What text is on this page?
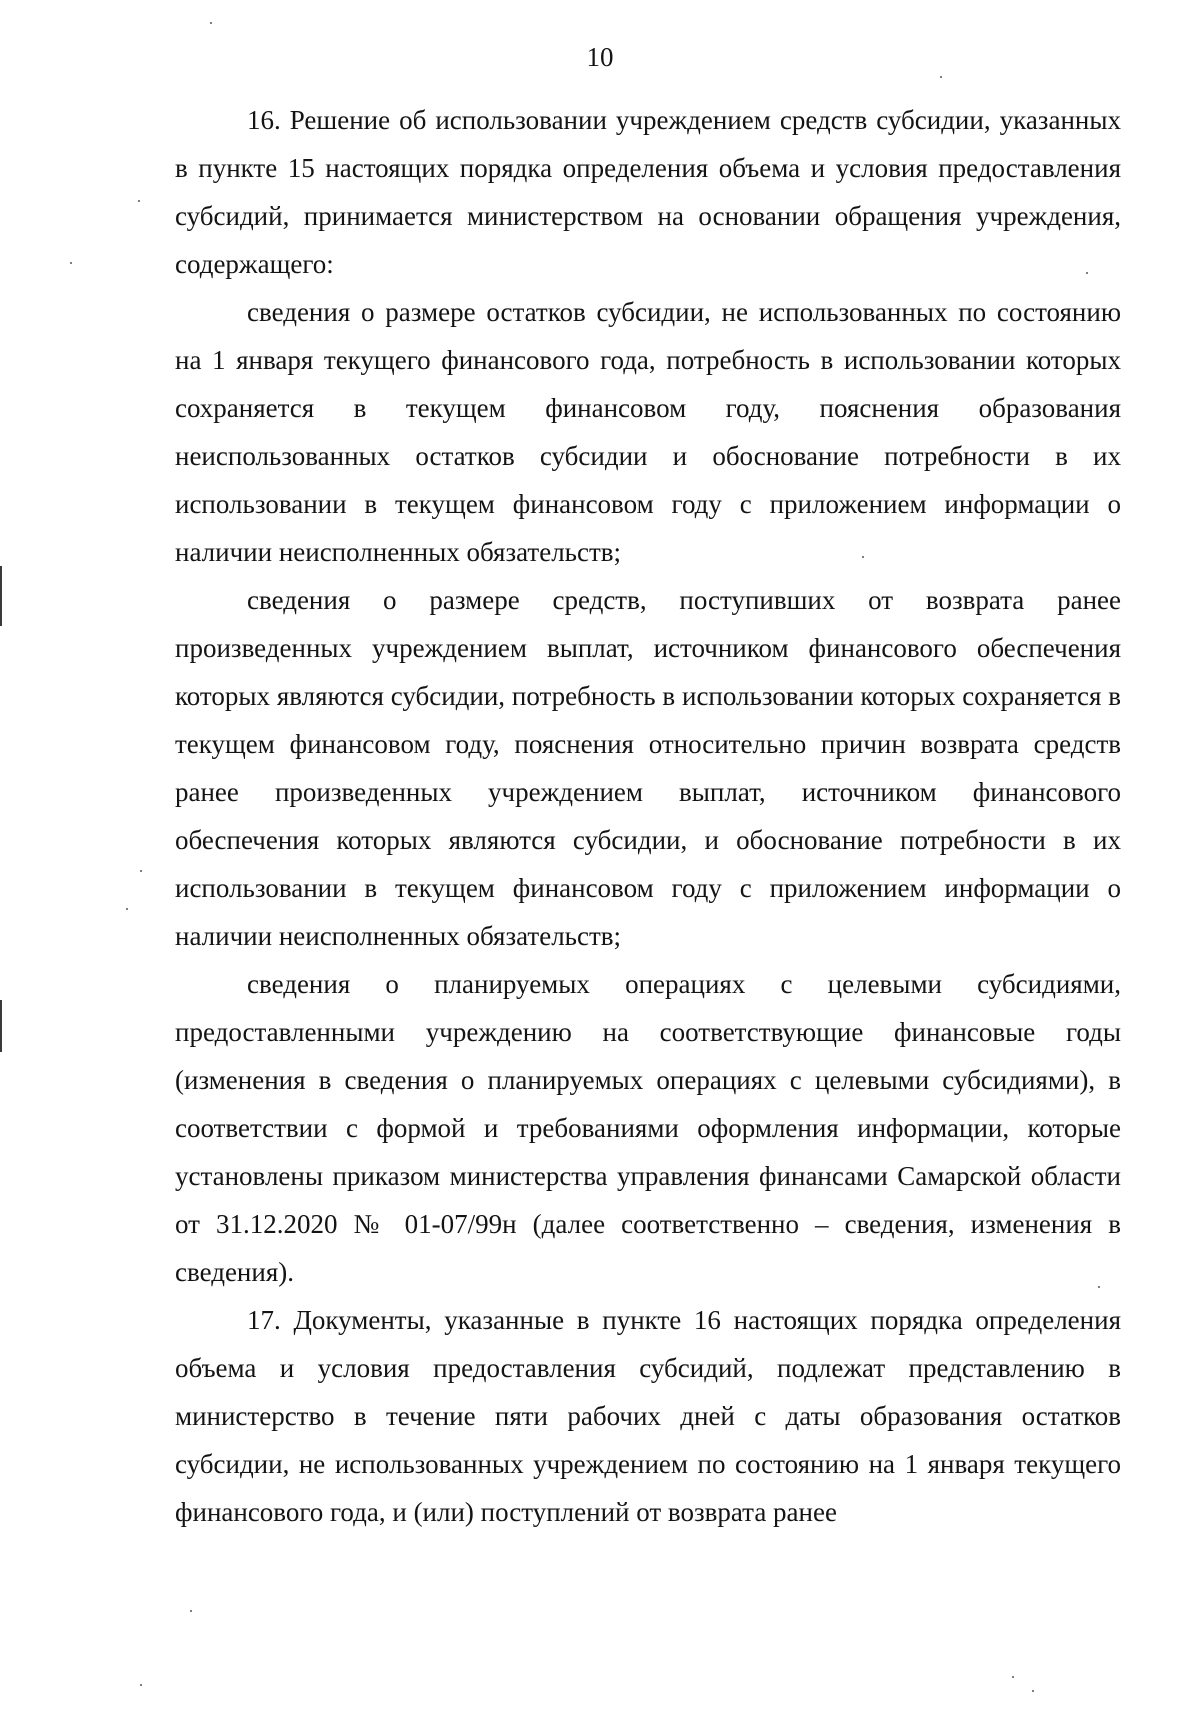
10

16. Решение об использовании учреждением средств субсидии, указанных в пункте 15 настоящих порядка определения объема и условия предоставления субсидий, принимается министерством на основании обращения учреждения, содержащего:

сведения о размере остатков субсидии, не использованных по состоянию на 1 января текущего финансового года, потребность в использовании которых сохраняется в текущем финансовом году, пояснения образования неиспользованных остатков субсидии и обоснование потребности в их использовании в текущем финансовом году с приложением информации о наличии неисполненных обязательств;

сведения о размере средств, поступивших от возврата ранее произведенных учреждением выплат, источником финансового обеспечения которых являются субсидии, потребность в использовании которых сохраняется в текущем финансовом году, пояснения относительно причин возврата средств ранее произведенных учреждением выплат, источником финансового обеспечения которых являются субсидии, и обоснование потребности в их использовании в текущем финансовом году с приложением информации о наличии неисполненных обязательств;

сведения о планируемых операциях с целевыми субсидиями, предоставленными учреждению на соответствующие финансовые годы (изменения в сведения о планируемых операциях с целевыми субсидиями), в соответствии с формой и требованиями оформления информации, которые установлены приказом министерства управления финансами Самарской области от 31.12.2020 № 01-07/99н (далее соответственно – сведения, изменения в сведения).

17. Документы, указанные в пункте 16 настоящих порядка определения объема и условия предоставления субсидий, подлежат представлению в министерство в течение пяти рабочих дней с даты образования остатков субсидии, не использованных учреждением по состоянию на 1 января текущего финансового года, и (или) поступлений от возврата ранее
